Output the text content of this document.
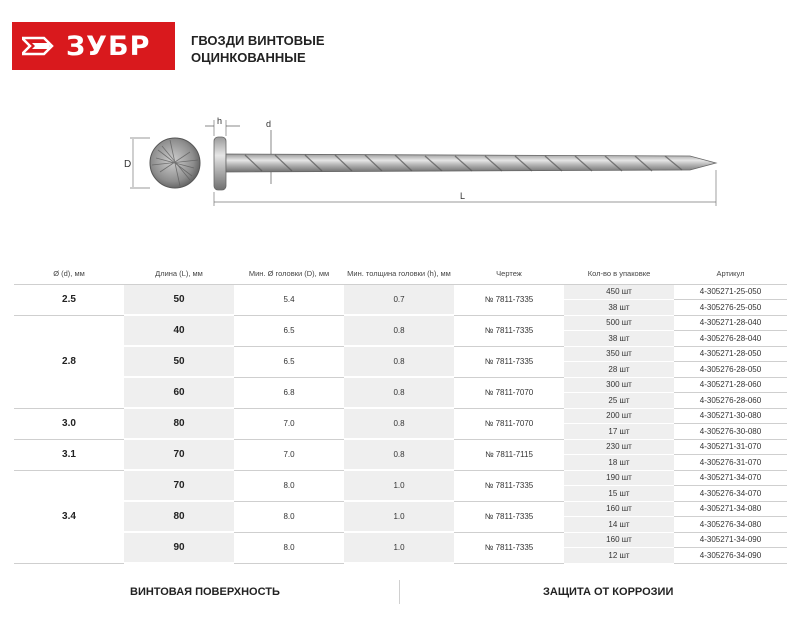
ЗУБР	ГВОЗДИ ВИНТОВЫЕ
ОЦИНКОВАННЫЕ
D
h	d
L
Ø (d), мм	Длина (L), мм	Мин. Ø головки (D), мм	Мин. толщина головки (h), мм	Чертеж	Кол-во в упаковке	Артикул
2.5	50	5.4	0.7	№ 7811-7335	450 шт	4-305271-25-050
					38 шт	4-305276-25-050
2.8	40	6.5	0.8	№ 7811-7335	500 шт	4-305271-28-040
					38 шт	4-305276-28-040
	50	6.5	0.8	№ 7811-7335	350 шт	4-305271-28-050
					28 шт	4-305276-28-050
	60	6.8	0.8	№ 7811-7070	300 шт	4-305271-28-060
					25 шт	4-305276-28-060
3.0	80	7.0	0.8	№ 7811-7070	200 шт	4-305271-30-080
					17 шт	4-305276-30-080
3.1	70	7.0	0.8	№ 7811-7115	230 шт	4-305271-31-070
					18 шт	4-305276-31-070
3.4	70	8.0	1.0	№ 7811-7335	190 шт	4-305271-34-070
					15 шт	4-305276-34-070
	80	8.0	1.0	№ 7811-7335	160 шт	4-305271-34-080
					14 шт	4-305276-34-080
	90	8.0	1.0	№ 7811-7335	160 шт	4-305271-34-090
					12 шт	4-305276-34-090
ВИНТОВАЯ ПОВЕРХНОСТЬ	ЗАЩИТА ОТ КОРРОЗИИ
